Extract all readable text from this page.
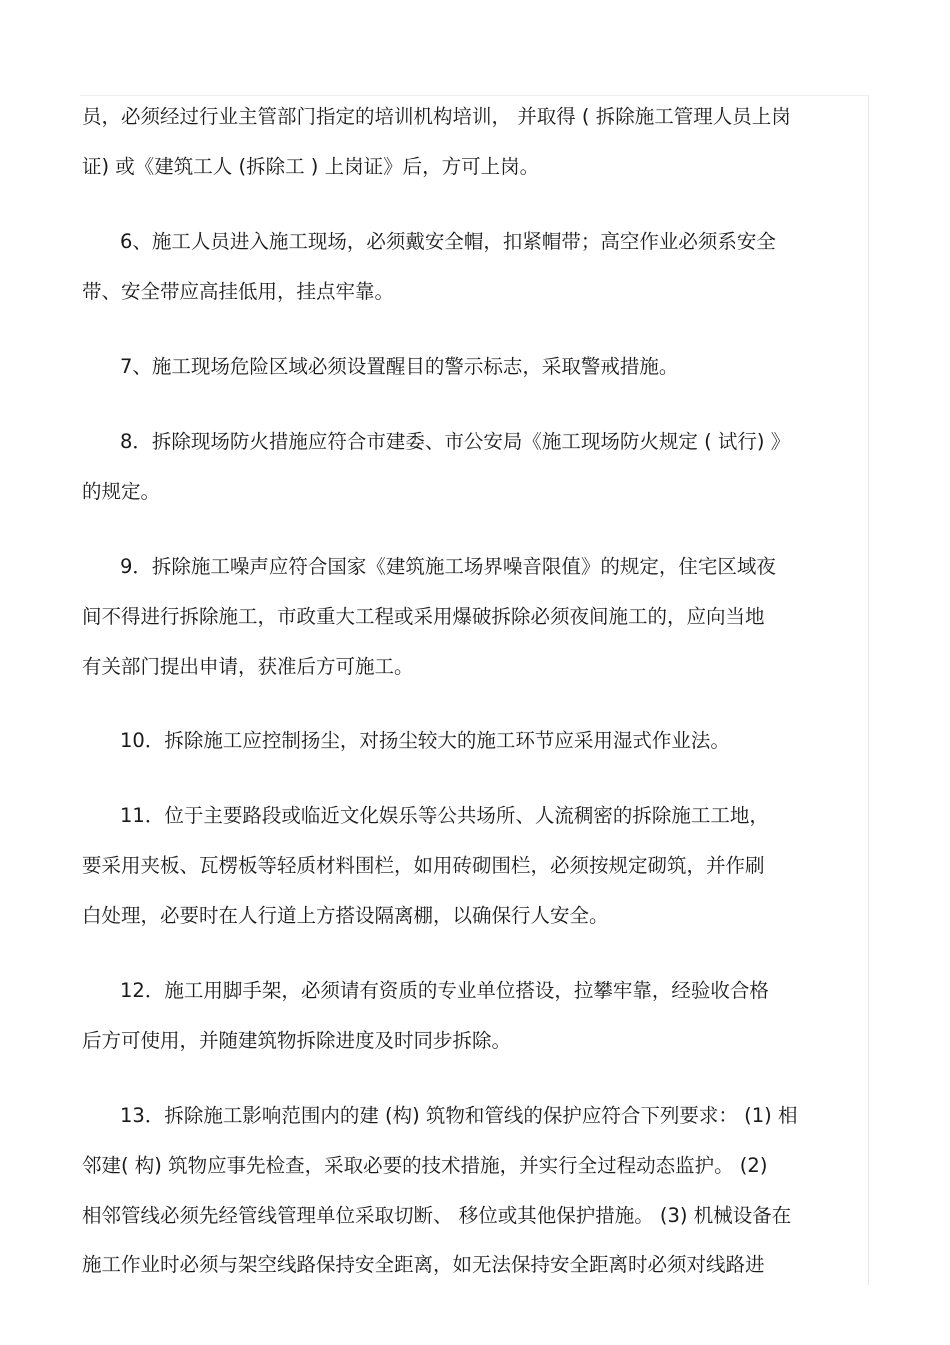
员，必须经过行业主管部门指定的培训机构培训， 并取得 ( 拆除施工管理人员上岗
证) 或《建筑工人 (拆除工 ) 上岗证》后，方可上岗。
6、施工人员进入施工现场，必须戴安全帽，扣紧帽带；高空作业必须系安全
带、安全带应高挂低用，挂点牢靠。
7、施工现场危险区域必须设置醒目的警示标志，采取警戒措施。
8．拆除现场防火措施应符合市建委、市公安局《施工现场防火规定 ( 试行) 》
的规定。
9．拆除施工噪声应符合国家《建筑施工场界噪音限值》的规定，住宅区域夜
间不得进行拆除施工，市政重大工程或采用爆破拆除必须夜间施工的，应向当地
有关部门提出申请，获准后方可施工。
10．拆除施工应控制扬尘，对扬尘较大的施工环节应采用湿式作业法。
11．位于主要路段或临近文化娱乐等公共场所、人流稠密的拆除施工工地，
要采用夹板、瓦楞板等轻质材料围栏，如用砖砌围栏，必须按规定砌筑，并作刷
白处理，必要时在人行道上方搭设隔离棚，以确保行人安全。
12．施工用脚手架，必须请有资质的专业单位搭设，拉攀牢靠，经验收合格
后方可使用，并随建筑物拆除进度及时同步拆除。
13．拆除施工影响范围内的建 (构) 筑物和管线的保护应符合下列要求： (1) 相
邻建( 构) 筑物应事先检查，采取必要的技术措施，并实行全过程动态监护。 (2)
相邻管线必须先经管线管理单位采取切断、 移位或其他保护措施。 (3) 机械设备在
施工作业时必须与架空线路保持安全距离，如无法保持安全距离时必须对线路进
